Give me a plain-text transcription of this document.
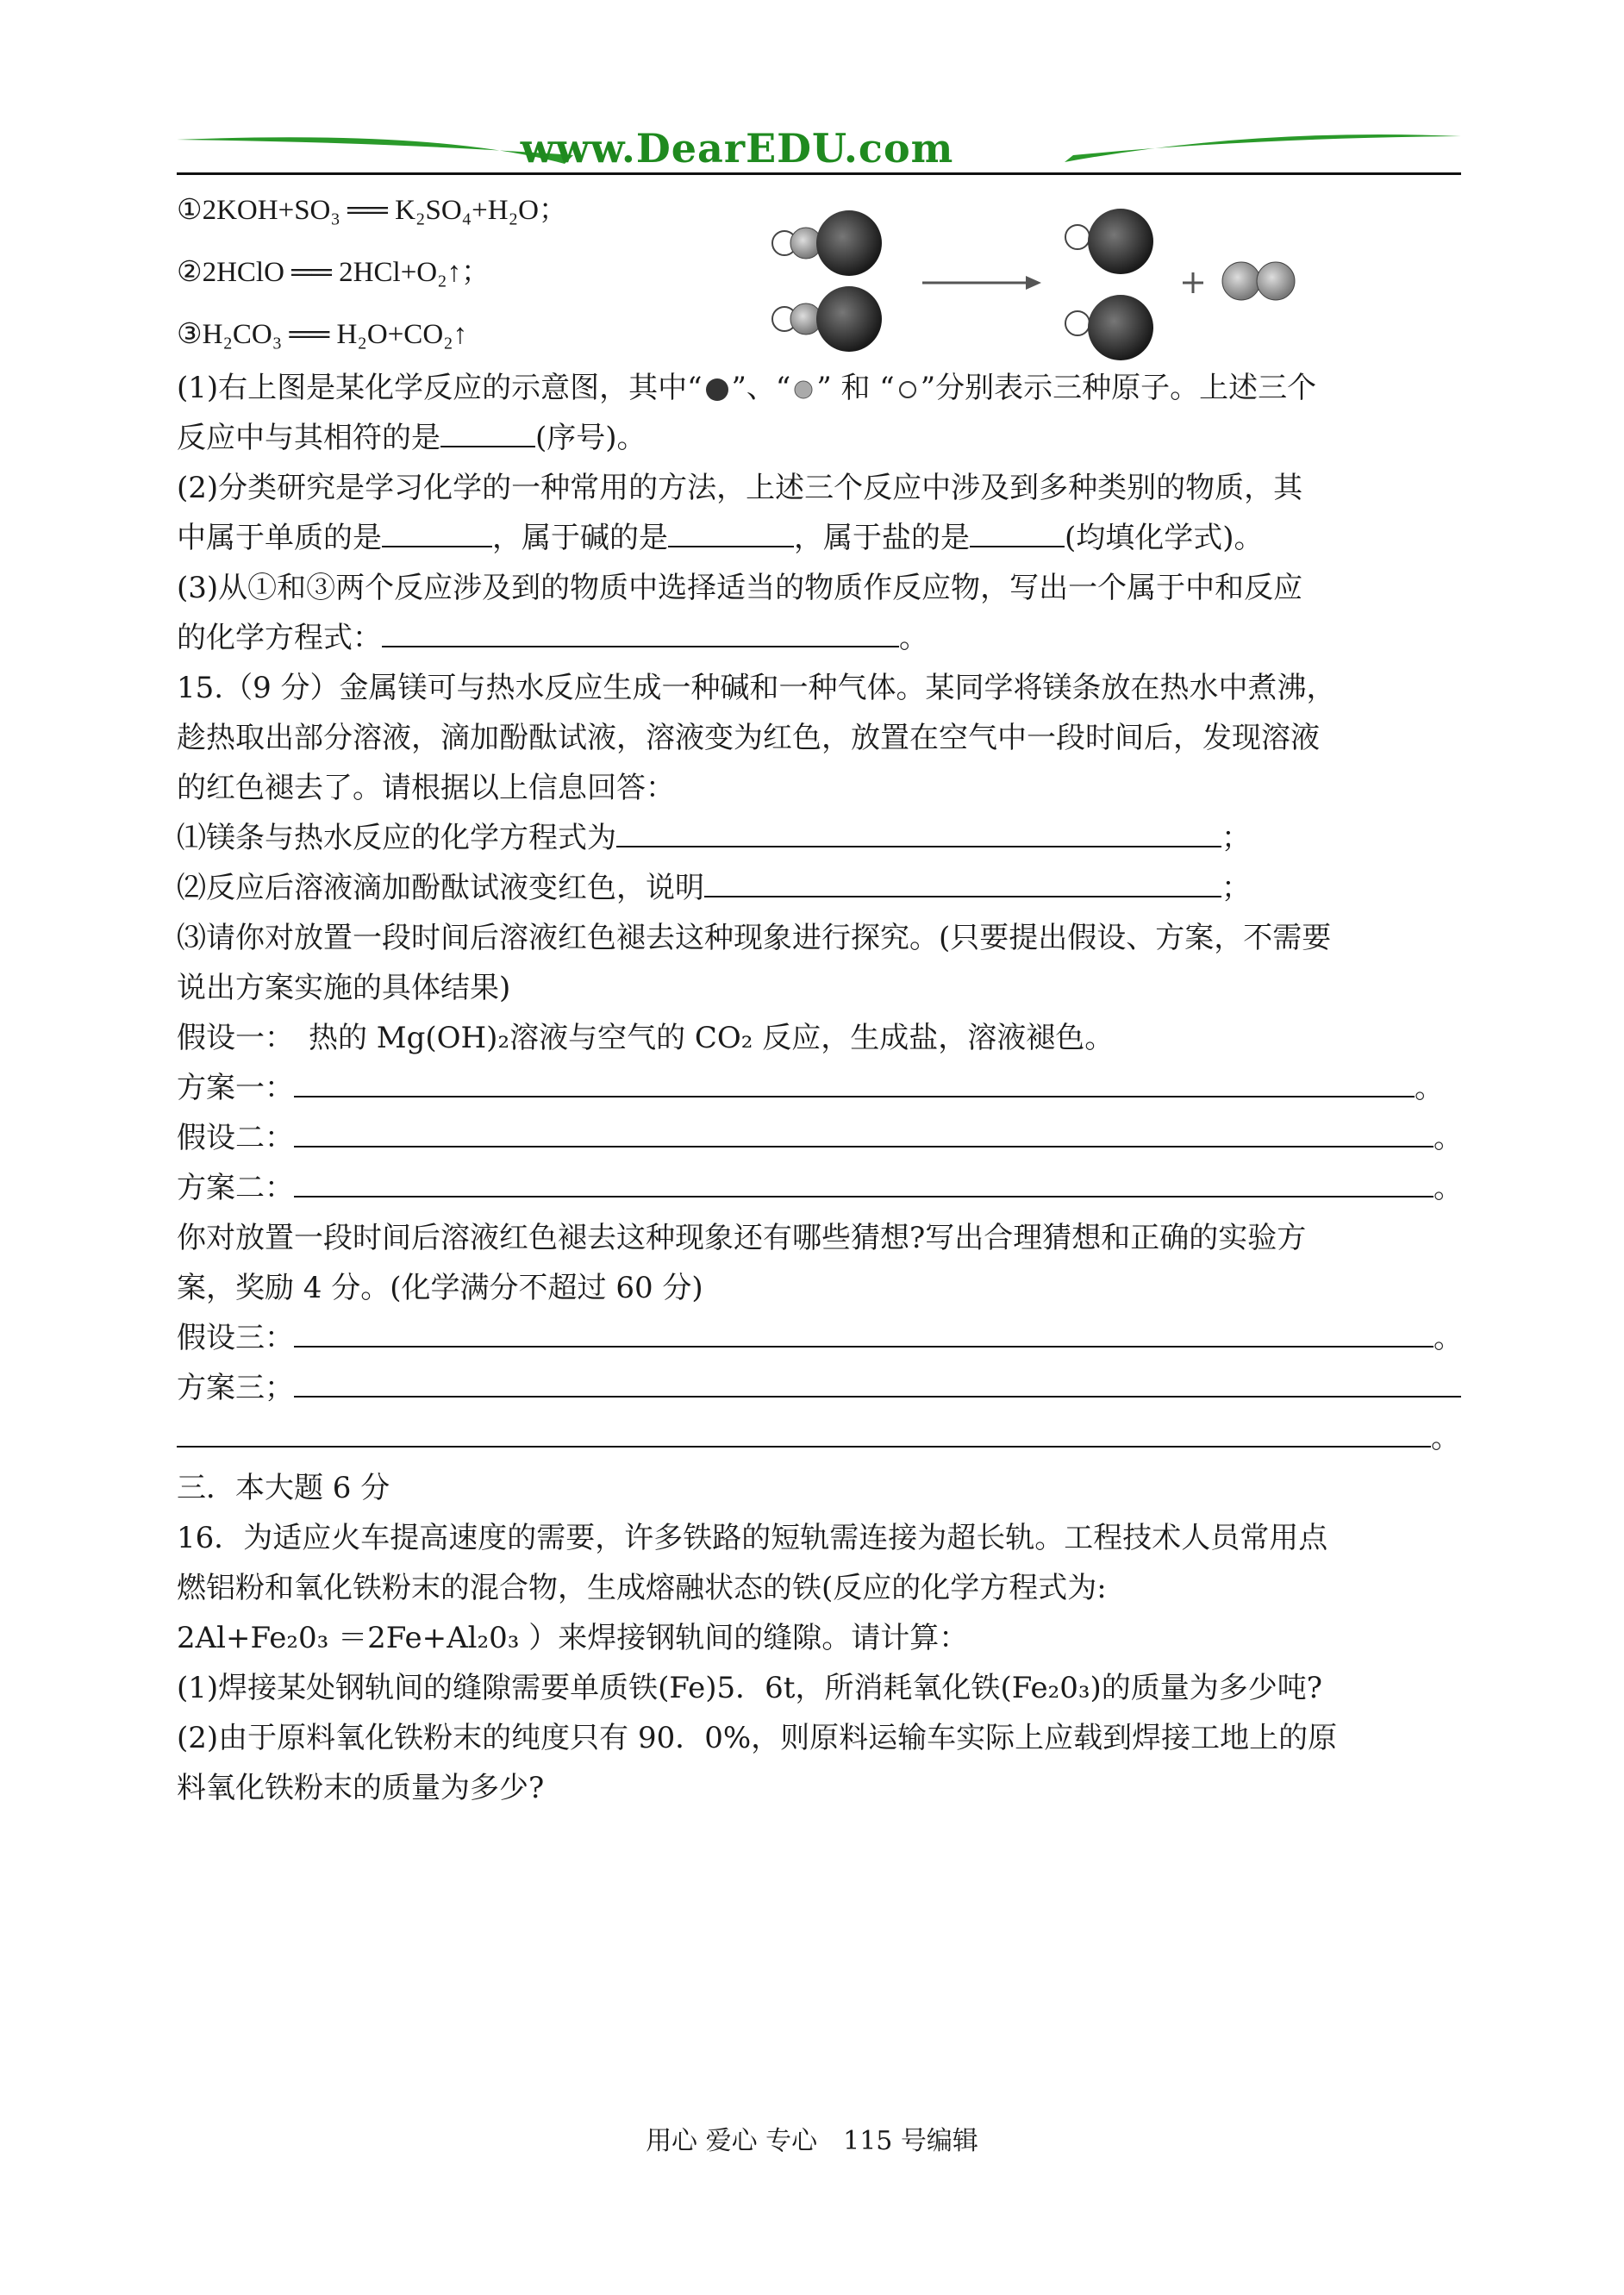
www.DearEDU.com
①2KOH+SO₃ ══ K₂SO₄+H₂O；
②2HClO ══ 2HCl+O₂↑；
③H₂CO₃ ══ H₂O+CO₂↑
(1)右上图是某化学反应的示意图，其中“ ”、“ ” 和 “ ”分别表示三种原子。上述三个
反应中与其相符的是	(序号)。
(2)分类研究是学习化学的一种常用的方法，上述三个反应中涉及到多种类别的物质，其
中属于单质的是	，属于碱的是	，属于盐的是	(均填化学式)。
(3)从①和③两个反应涉及到的物质中选择适当的物质作反应物，写出一个属于中和反应
的化学方程式：	。
15.（9 分）金属镁可与热水反应生成一种碱和一种气体。某同学将镁条放在热水中煮沸，
趁热取出部分溶液，滴加酚酞试液，溶液变为红色，放置在空气中一段时间后，发现溶液
的红色褪去了。请根据以上信息回答：
⑴镁条与热水反应的化学方程式为	；
⑵反应后溶液滴加酚酞试液变红色，说明	；
⑶请你对放置一段时间后溶液红色褪去这种现象进行探究。(只要提出假设、方案，不需要
说出方案实施的具体结果)
假设一：　热的 Mg(OH)₂溶液与空气的 CO₂ 反应，生成盐，溶液褪色。
方案一：	。
假设二：	。
方案二：	。
你对放置一段时间后溶液红色褪去这种现象还有哪些猜想?写出合理猜想和正确的实验方
案，奖励 4 分。(化学满分不超过 60 分)
假设三：	。
方案三；
。
三．本大题 6 分
16．为适应火车提高速度的需要，许多铁路的短轨需连接为超长轨。工程技术人员常用点
燃铝粉和氧化铁粉末的混合物，生成熔融状态的铁(反应的化学方程式为:
2Al+Fe₂0₃ ＝2Fe+Al₂0₃ ）来焊接钢轨间的缝隙。请计算：
(1)焊接某处钢轨间的缝隙需要单质铁(Fe)5．6t，所消耗氧化铁(Fe₂0₃)的质量为多少吨?
(2)由于原料氧化铁粉末的纯度只有 90．0%，则原料运输车实际上应载到焊接工地上的原
料氧化铁粉末的质量为多少?
用心 爱心 专心　115 号编辑
